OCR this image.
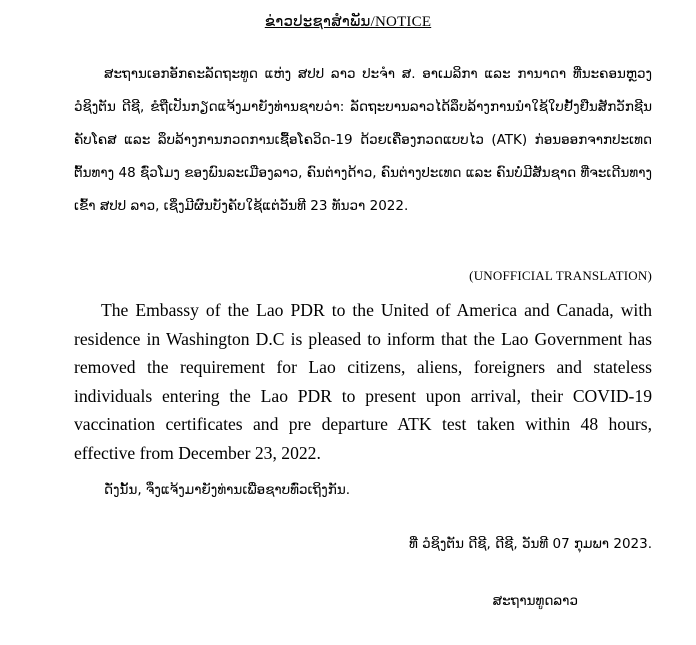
ຂ່າວປະຊາສຳພັນ/NOTICE

ສະຖານເອກອັກຄະລັດຖະທູດ ແຫ່ງ ສປປ ລາວ ປະຈຳ ສ. ອາເມລິກາ ແລະ ການາດາ ທີ່ນະຄອນຫຼວງວໍຊິງຕັນ ດີຊີ, ຂໍຖືເປັນກຽດແຈ້ງມາຍັງທ່ານຊາບວ່າ: ລັດຖະບານລາວໄດ້ລຶບລ້າງການນຳໃຊ້ໃບຢັ້ງຢືນສັກວັກຊີນຄັບໂຄສ ແລະ ລຶບລ້າງການກວດການເຊື້ອໂຄວິດ-19 ດ້ວຍເຄື່ອງກວດແບບໄວ (ATK) ກ່ອນອອກຈາກປະເທດຕົ້ນທາງ 48 ຊົ່ວໂມງ ຂອງພົນລະເມືອງລາວ, ຄົນຕ່າງດ້າວ, ຄົນຕ່າງປະເທດ ແລະ ຄົນບໍ່ມີສັນຊາດ ທີ່ຈະເດີນທາງເຂົ້າ ສປປ ລາວ, ເຊິ່ງມີຜົນບັງຄັບໃຊ້ແຕ່ວັນທີ 23 ທັນວາ 2022.

(UNOFFICIAL TRANSLATION)

The Embassy of the Lao PDR to the United of America and Canada, with residence in Washington D.C is pleased to inform that the Lao Government has removed the requirement for Lao citizens, aliens, foreigners and stateless individuals entering the Lao PDR to present upon arrival, their COVID-19 vaccination certificates and pre departure ATK test taken within 48 hours, effective from December 23, 2022.

ດັ່ງນັ້ນ, ຈຶ່ງແຈ້ງມາຍັງທ່ານເພື່ອຊາບທົ່ວເຖິງກັນ.
ທີ່ ວໍຊິງຕັນ ດີຊີ, ດີຊີ, ວັນທີ 07 ກຸມພາ 2023.
ສະຖານທູດລາວ
